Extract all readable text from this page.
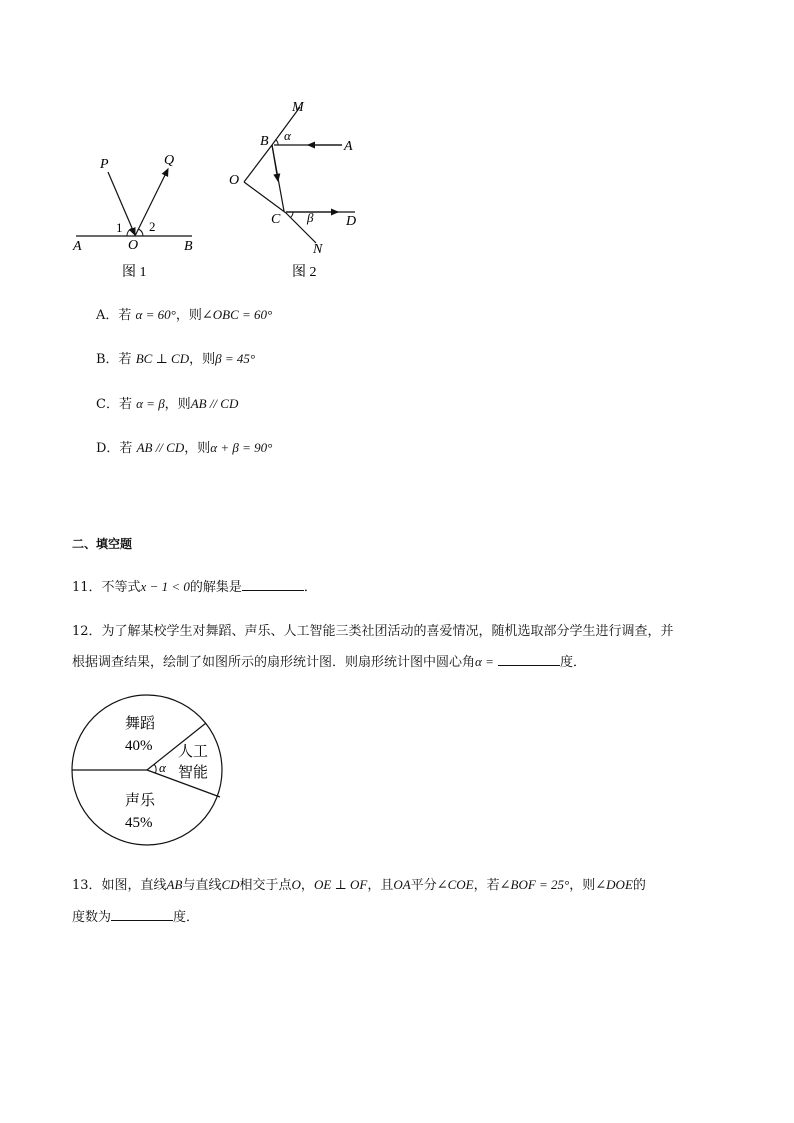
P	Q
1 2
A	O	B
图 1
M
B α
A
O
C β D
N
图 2
A．若 α = 60°，则∠OBC = 60°
B．若 BC ⊥ CD，则β = 45°
C．若 α = β，则AB // CD
D．若 AB // CD，则α + β = 90°
二、填空题
11．不等式x − 1 < 0的解集是	．
12．为了解某校学生对舞蹈、声乐、人工智能三类社团活动的喜爱情况，随机选取部分学生进行调查，并
根据调查结果，绘制了如图所示的扇形统计图．则扇形统计图中圆心角α =	度．
α
舞蹈
40% 人工
智能
声乐
45%
13．如图，直线AB与直线CD相交于点O，OE ⊥ OF，且OA平分∠COE，若∠BOF = 25°，则∠DOE的
度数为	度．
